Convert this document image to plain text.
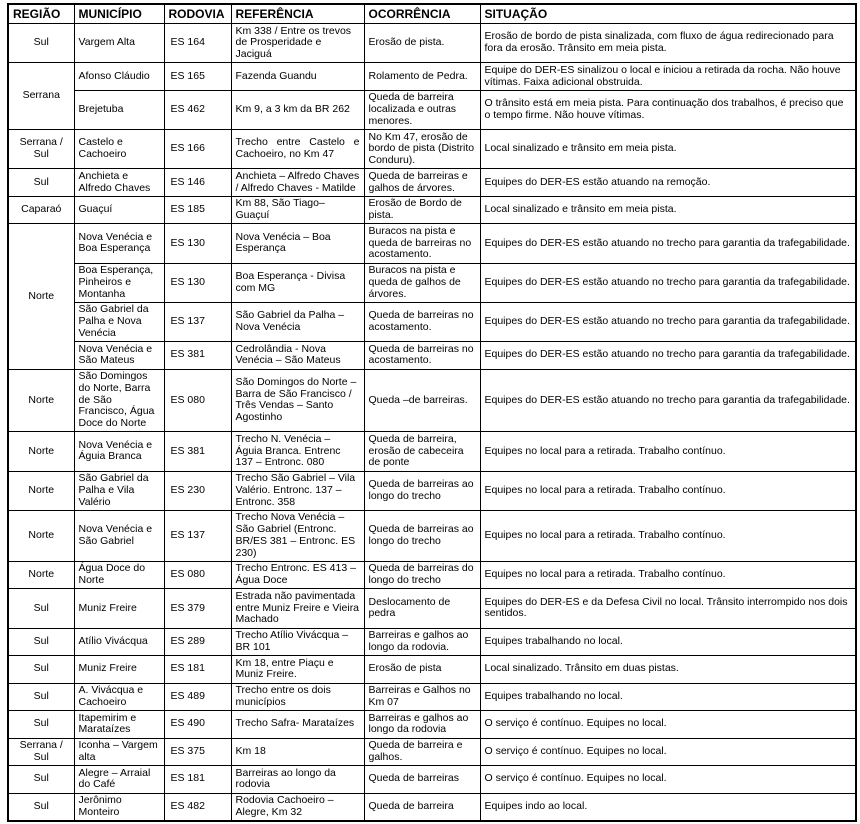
REGIÃO	MUNICÍPIO	RODOVIA	REFERÊNCIA	OCORRÊNCIA	SITUAÇÃO
Sul	Vargem Alta	ES 164	Km 338 / Entre os trevos de Prosperidade e Jaciguá	Erosão de pista.	Erosão de bordo de pista sinalizada, com fluxo de água redirecionado para fora da erosão. Trânsito em meia pista.
Serrana	Afonso Cláudio	ES 165	Fazenda Guandu	Rolamento de Pedra.	Equipe do DER-ES sinalizou o local e iniciou a retirada da rocha. Não houve vítimas. Faixa adicional obstruida.
	Brejetuba	ES 462	Km 9, a 3 km da BR 262	Queda de barreira localizada e outras menores.	O trânsito está em meia pista. Para continuação dos trabalhos, é preciso que o tempo firme. Não houve vítimas.
Serrana / Sul	Castelo e Cachoeiro	ES 166	Trecho entre Castelo e Cachoeiro, no Km 47	No Km 47, erosão de bordo de pista (Distrito Conduru).	Local sinalizado e trânsito em meia pista.
Sul	Anchieta e Alfredo Chaves	ES 146	Anchieta – Alfredo Chaves / Alfredo Chaves - Matilde	Queda de barreiras e galhos de árvores.	Equipes do DER-ES estão atuando na remoção.
Caparaó	Guaçuí	ES 185	Km 88, São Tiago– Guaçuí	Erosão de Bordo de pista.	Local sinalizado e trânsito em meia pista.
Norte	Nova Venécia e Boa Esperança	ES 130	Nova Venécia – Boa Esperança	Buracos na pista e queda de barreiras no acostamento.	Equipes do DER-ES estão atuando no trecho para garantia da trafegabilidade.
	Boa Esperança, Pinheiros e Montanha	ES 130	Boa Esperança - Divisa com MG	Buracos na pista e queda de galhos de árvores.	Equipes do DER-ES estão atuando no trecho para garantia da trafegabilidade.
	São Gabriel da Palha e Nova Venécia	ES 137	São Gabriel da Palha – Nova Venécia	Queda de barreiras no acostamento.	Equipes do DER-ES estão atuando no trecho para garantia da trafegabilidade.
	Nova Venécia e São Mateus	ES 381	Cedrolândia - Nova Venécia – São Mateus	Queda de barreiras no acostamento.	Equipes do DER-ES estão atuando no trecho para garantia da trafegabilidade.
Norte	São Domingos do Norte, Barra de São Francisco, Água Doce do Norte	ES 080	São Domingos do Norte – Barra de São Francisco / Três Vendas – Santo Agostinho	Queda –de barreiras.	Equipes do DER-ES estão atuando no trecho para garantia da trafegabilidade.
Norte	Nova Venécia e Águia Branca	ES 381	Trecho N. Venécia – Águia Branca. Entrenc 137 – Entronc. 080	Queda de barreira, erosão de cabeceira de ponte	Equipes no local para a retirada. Trabalho contínuo.
Norte	São Gabriel da Palha e Vila Valério	ES 230	Trecho São Gabriel – Vila Valério. Entronc. 137 – Entronc. 358	Queda de barreiras ao longo do trecho	Equipes no local para a retirada. Trabalho contínuo.
Norte	Nova Venécia e São Gabriel	ES 137	Trecho Nova Venécia – São Gabriel (Entronc. BR/ES 381 – Entronc. ES 230)	Queda de barreiras ao longo do trecho	Equipes no local para a retirada. Trabalho contínuo.
Norte	Água Doce do Norte	ES 080	Trecho Entronc. ES 413 – Água Doce	Queda de barreiras do longo do trecho	Equipes no local para a retirada. Trabalho contínuo.
Sul	Muniz Freire	ES 379	Estrada não pavimentada entre Muniz Freire e Vieira Machado	Deslocamento de pedra	Equipes do DER-ES e da Defesa Civil no local. Trânsito interrompido nos dois sentidos.
Sul	Atílio Vivácqua	ES 289	Trecho Atílio Vivácqua – BR 101	Barreiras e galhos ao longo da rodovia.	Equipes trabalhando no local.
Sul	Muniz Freire	ES 181	Km 18, entre Piaçu e Muniz Freire.	Erosão de pista	Local sinalizado. Trânsito em duas pistas.
Sul	A. Vivácqua e Cachoeiro	ES 489	Trecho entre os dois municípios	Barreiras e Galhos no Km 07	Equipes trabalhando no local.
Sul	Itapemirim e Marataízes	ES 490	Trecho Safra- Marataízes	Barreiras e galhos ao longo da rodovia	O serviço é contínuo. Equipes no local.
Serrana / Sul	Iconha – Vargem alta	ES 375	Km 18	Queda de barreira e galhos.	O serviço é contínuo. Equipes no local.
Sul	Alegre – Arraial do Café	ES 181	Barreiras ao longo da rodovia	Queda de barreiras	O serviço é contínuo. Equipes no local.
Sul	Jerônimo Monteiro	ES 482	Rodovia Cachoeiro – Alegre, Km 32	Queda de barreira	Equipes indo ao local.
